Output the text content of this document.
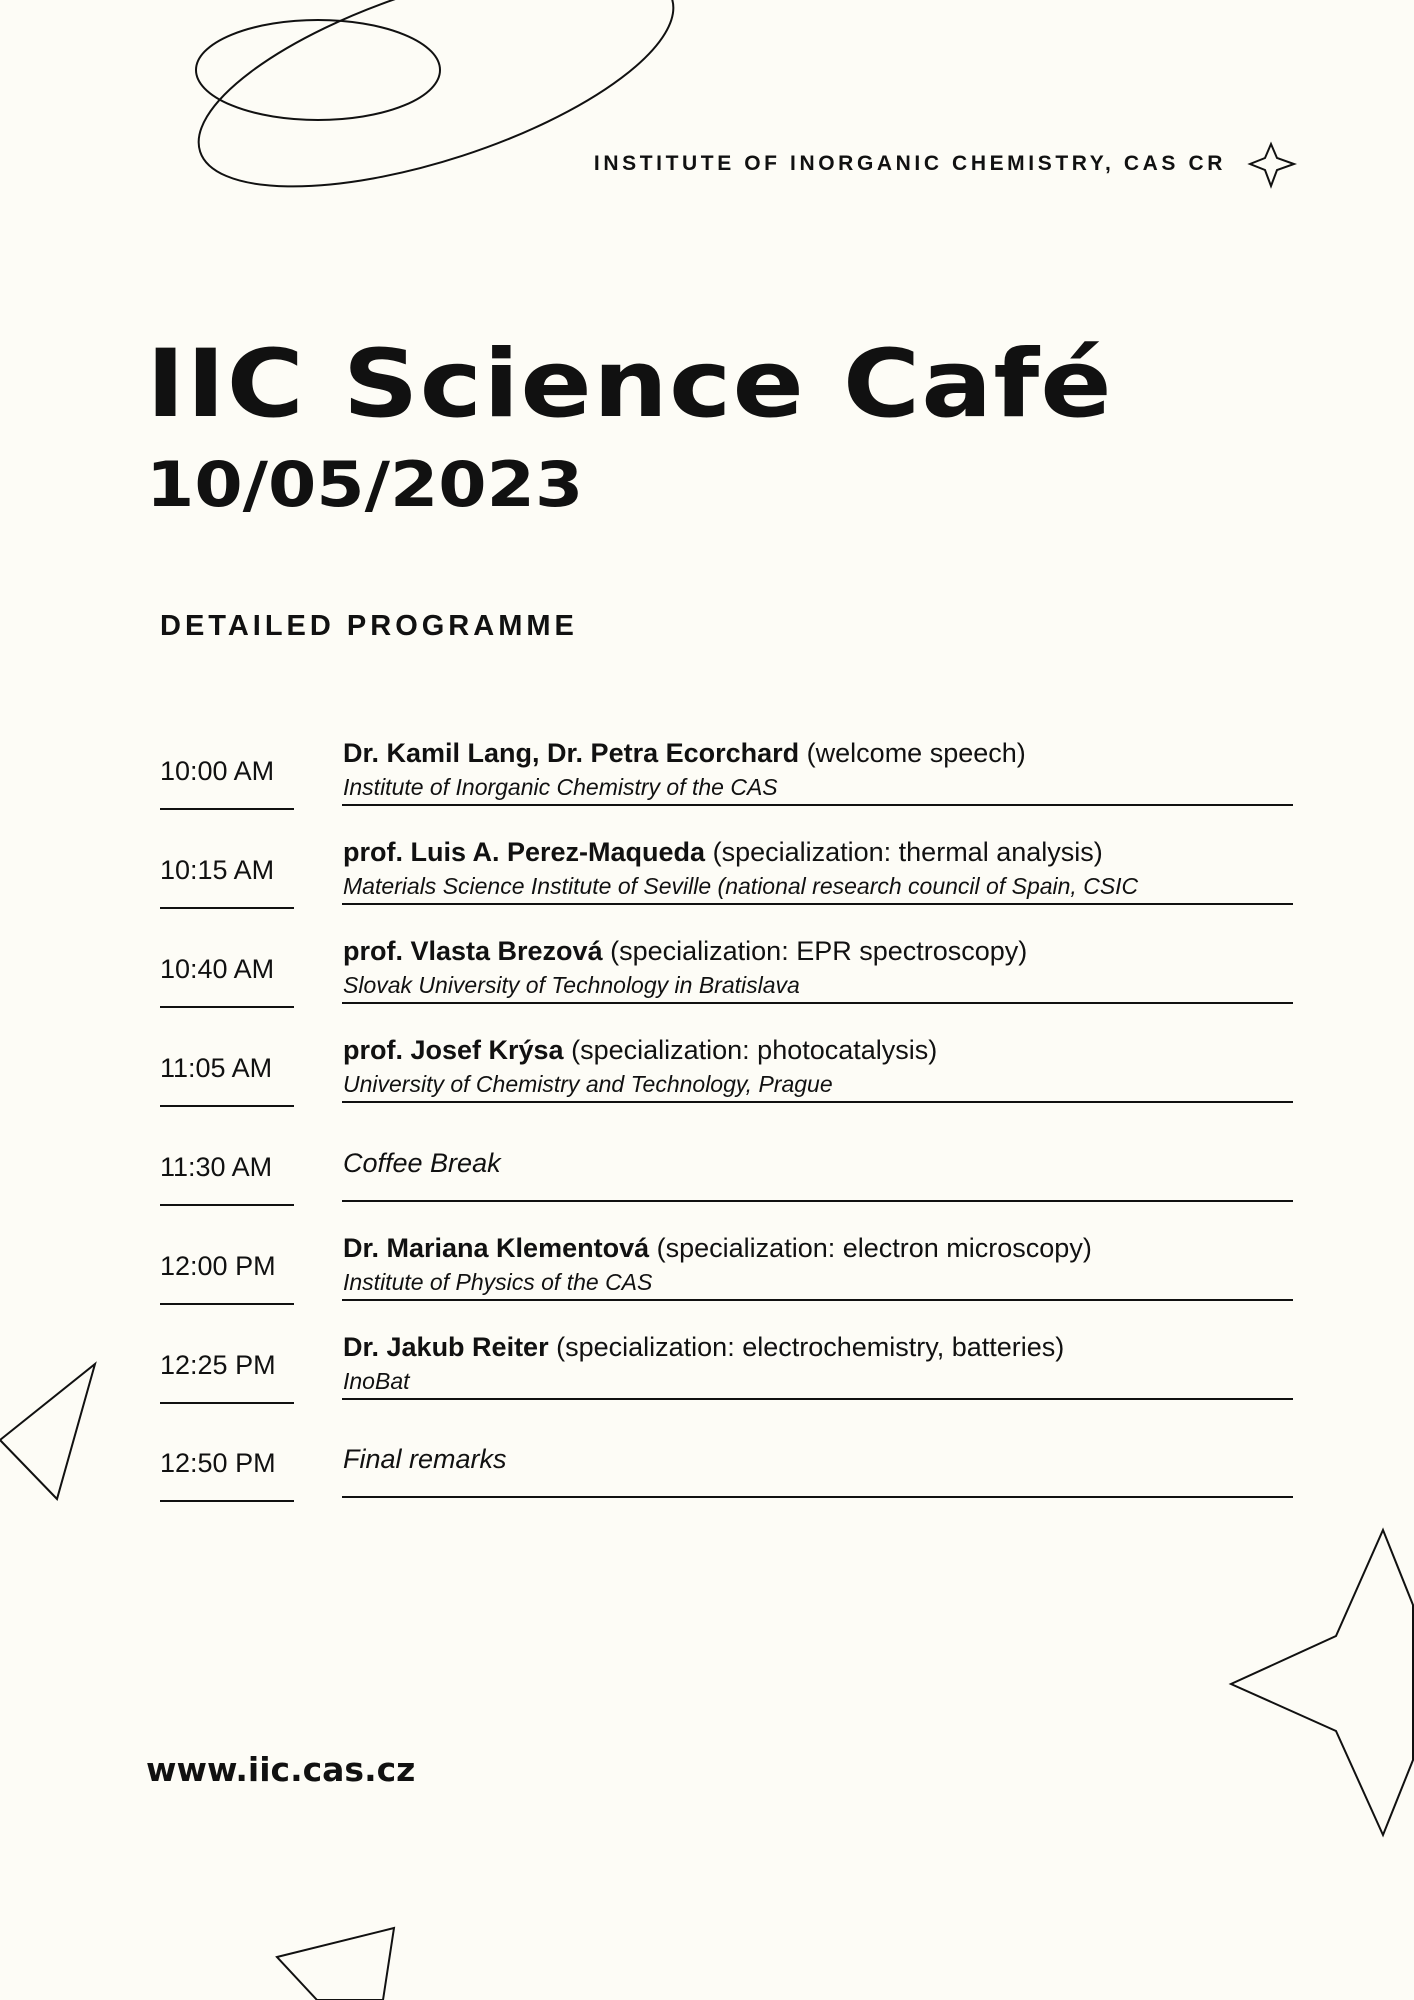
INSTITUTE OF INORGANIC CHEMISTRY, CAS CR
IIC Science Café
10/05/2023
DETAILED PROGRAMME
10:00 AM
Dr. Kamil Lang, Dr. Petra Ecorchard (welcome speech)
Institute of Inorganic Chemistry of the CAS
10:15 AM
prof. Luis A. Perez-Maqueda (specialization: thermal analysis)
Materials Science Institute of Seville (national research council of Spain, CSIC
10:40 AM
prof. Vlasta Brezová (specialization: EPR spectroscopy)
Slovak University of Technology in Bratislava
11:05 AM
prof. Josef Krýsa (specialization: photocatalysis)
University of Chemistry and Technology, Prague
11:30 AM	Coffee Break
12:00 PM
Dr. Mariana Klementová (specialization: electron microscopy)
Institute of Physics of the CAS
12:25 PM
Dr. Jakub Reiter (specialization: electrochemistry, batteries)
InoBat
12:50 PM Final remarks
www.iic.cas.cz
